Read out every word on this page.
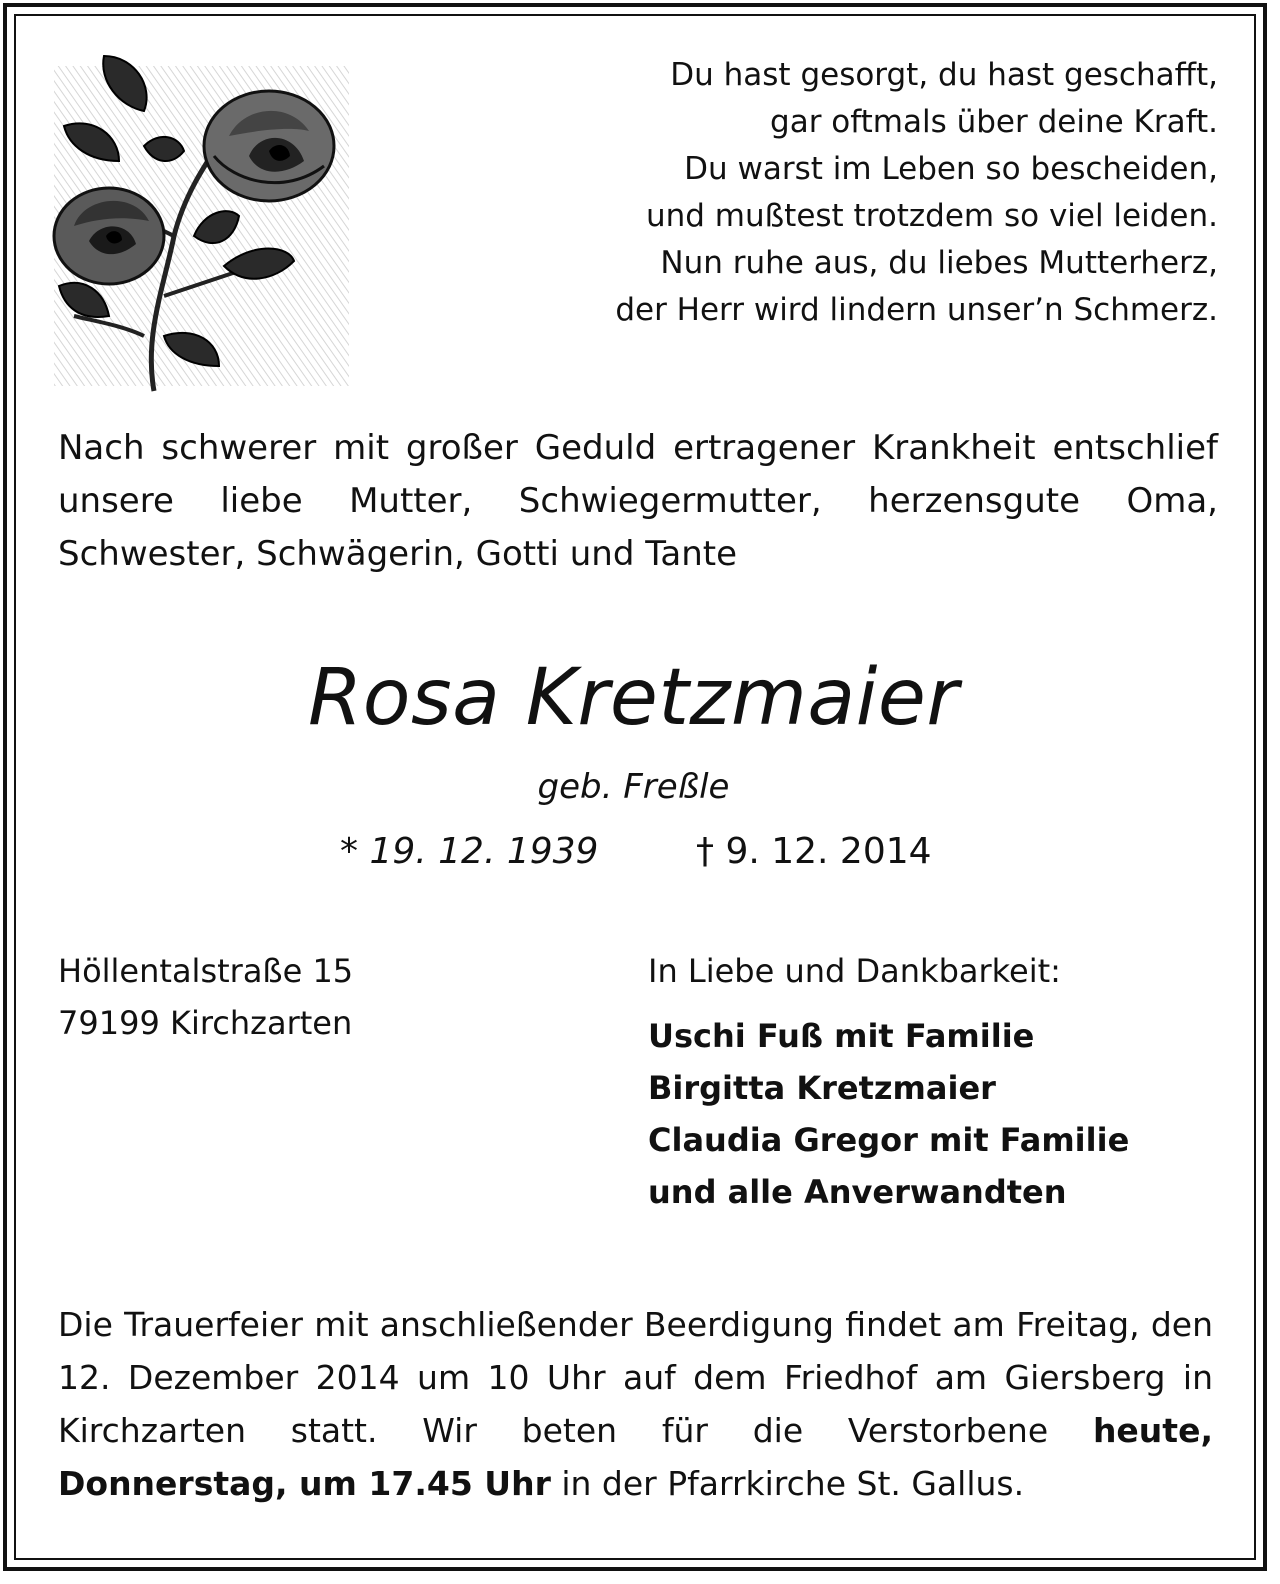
Du hast gesorgt, du hast geschafft,
gar oftmals über deine Kraft.
Du warst im Leben so bescheiden,
und mußtest trotzdem so viel leiden.
Nun ruhe aus, du liebes Mutterherz,
der Herr wird lindern unser’n Schmerz.
Nach schwerer mit großer Geduld ertragener Krankheit entschlief unsere liebe Mutter, Schwiegermutter, herzensgute Oma, Schwester, Schwägerin, Gotti und Tante
Rosa Kretzmaier
geb. Freßle
* 19. 12. 1939	† 9. 12. 2014
Höllentalstraße 15
79199 Kirchzarten
In Liebe und Dankbarkeit:
Uschi Fuß mit Familie
Birgitta Kretzmaier
Claudia Gregor mit Familie
und alle Anverwandten
Die Trauerfeier mit anschließender Beerdigung findet am Freitag, den 12. Dezember 2014 um 10 Uhr auf dem Friedhof am Giersberg in Kirchzarten statt. Wir beten für die Verstorbene heute, Donnerstag, um 17.45 Uhr in der Pfarrkirche St. Gallus.
